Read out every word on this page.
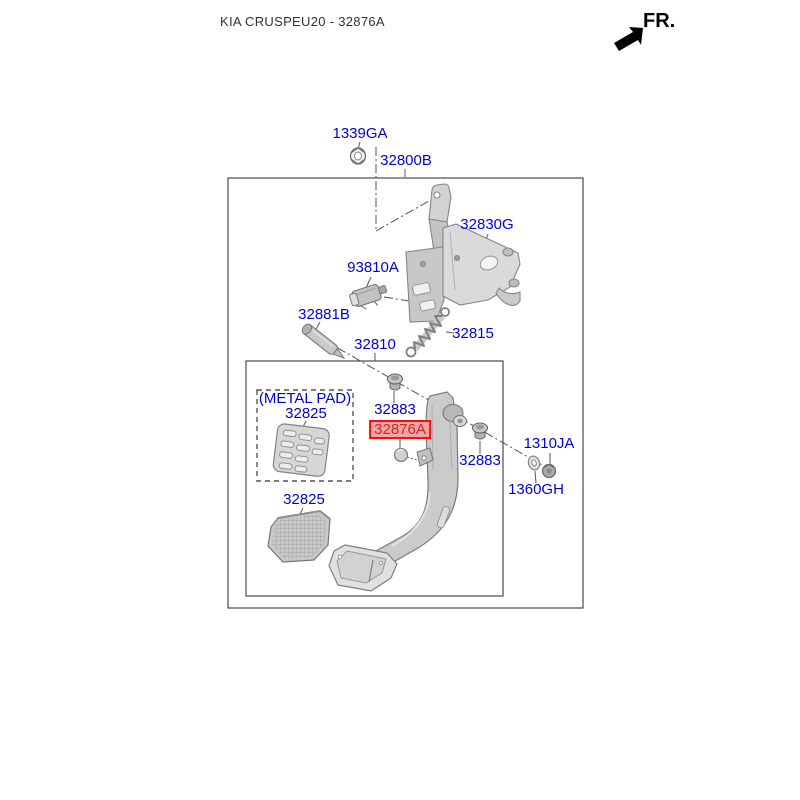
KIA CRUSPEU20 - 32876A	FR.
1339GA
32800B
32830G
93810A
32881B
32815
32810
(METAL PAD)
32825	32883
32876A
32883
1310JA
1360GH
32825
